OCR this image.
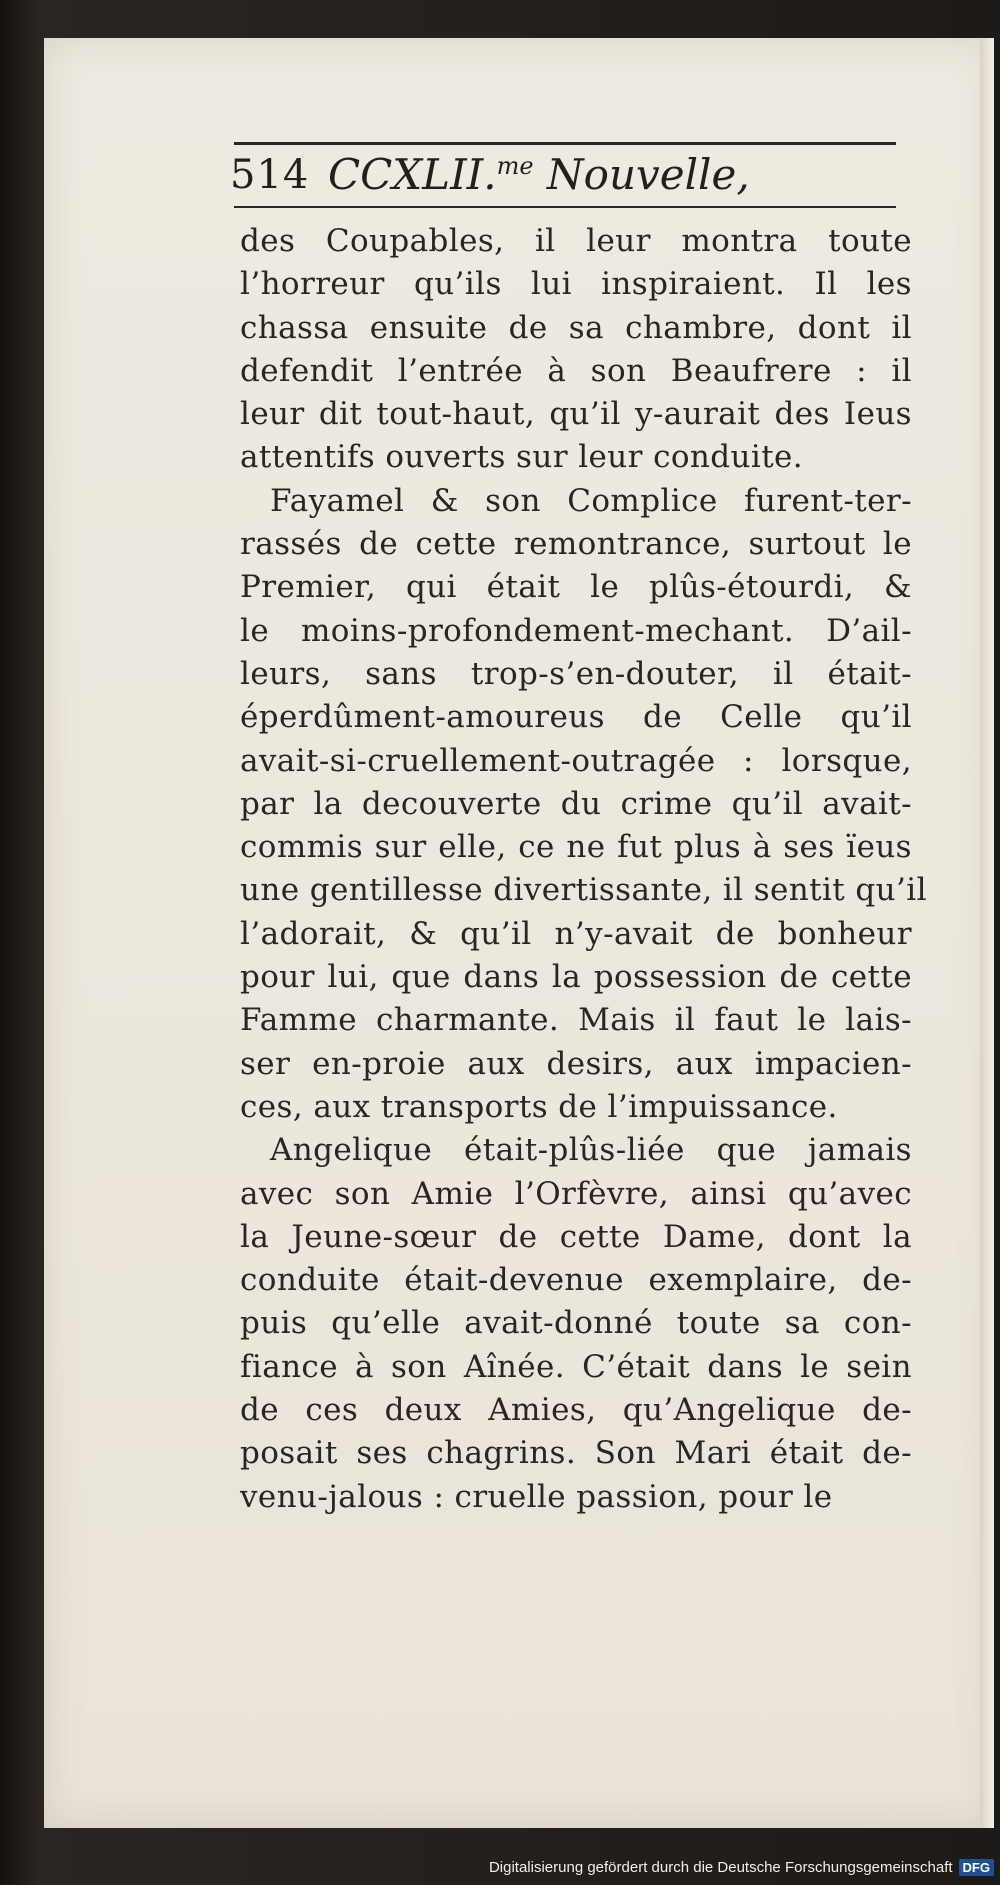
514 CCXLII.$^{me}$ Nouvelle,
des Coupables, il leur montra toute
l’horreur qu’ils lui inspiraient. Il les
chassa ensuite de sa chambre, dont il
defendit l’entrée à son Beaufrere : il
leur dit tout-haut, qu’il y-aurait des Ieus
attentifs ouverts sur leur conduite.
Fayamel & son Complice furent-ter-
rassés de cette remontrance, surtout le
Premier, qui était le plûs-étourdi, &
le moins-profondement-mechant. D’ail-
leurs, sans trop-s’en-douter, il était-
éperdûment-amoureus de Celle qu’il
avait-si-cruellement-outragée : lorsque,
par la decouverte du crime qu’il avait-
commis sur elle, ce ne fut plus à ses ïeus
une gentillesse divertissante, il sentit qu’il
l’adorait, & qu’il n’y-avait de bonheur
pour lui, que dans la possession de cette
Famme charmante. Mais il faut le lais-
ser en-proie aux desirs, aux impacien-
ces, aux transports de l’impuissance.
Angelique était-plûs-liée que jamais
avec son Amie l’Orfèvre, ainsi qu’avec
la Jeune-sœur de cette Dame, dont la
conduite était-devenue exemplaire, de-
puis qu’elle avait-donné toute sa con-
fiance à son Aînée. C’était dans le sein
de ces deux Amies, qu’Angelique de-
posait ses chagrins. Son Mari était de-
venu-jalous : cruelle passion, pour le
Digitalisierung gefördert durch die Deutsche Forschungsgemeinschaft DFG
